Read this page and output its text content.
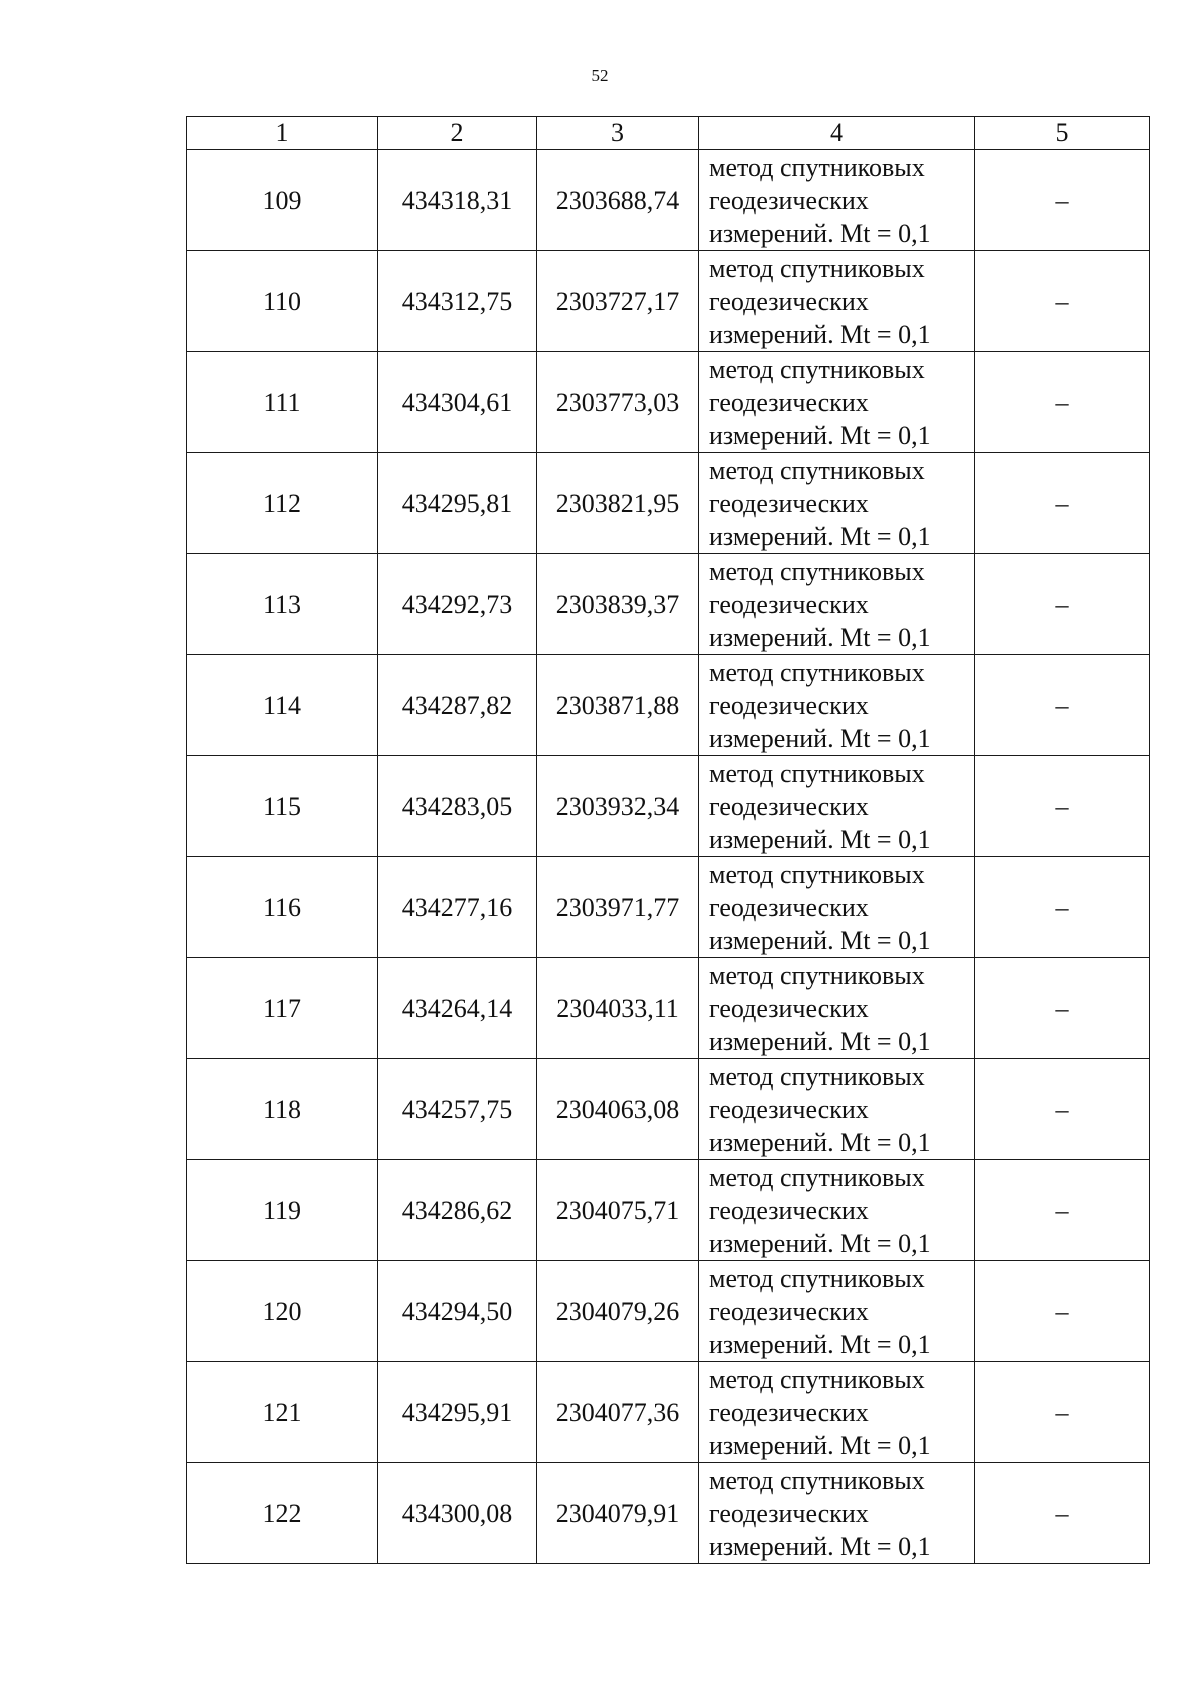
52
1	2	3	4	5
109	434318,31	2303688,74	метод спутниковых
геодезических
измерений. Mt = 0,1	–
110	434312,75	2303727,17	метод спутниковых
геодезических
измерений. Mt = 0,1	–
111	434304,61	2303773,03	метод спутниковых
геодезических
измерений. Mt = 0,1	–
112	434295,81	2303821,95	метод спутниковых
геодезических
измерений. Mt = 0,1	–
113	434292,73	2303839,37	метод спутниковых
геодезических
измерений. Mt = 0,1	–
114	434287,82	2303871,88	метод спутниковых
геодезических
измерений. Mt = 0,1	–
115	434283,05	2303932,34	метод спутниковых
геодезических
измерений. Mt = 0,1	–
116	434277,16	2303971,77	метод спутниковых
геодезических
измерений. Mt = 0,1	–
117	434264,14	2304033,11	метод спутниковых
геодезических
измерений. Mt = 0,1	–
118	434257,75	2304063,08	метод спутниковых
геодезических
измерений. Mt = 0,1	–
119	434286,62	2304075,71	метод спутниковых
геодезических
измерений. Mt = 0,1	–
120	434294,50	2304079,26	метод спутниковых
геодезических
измерений. Mt = 0,1	–
121	434295,91	2304077,36	метод спутниковых
геодезических
измерений. Mt = 0,1	–
122	434300,08	2304079,91	метод спутниковых
геодезических
измерений. Mt = 0,1	–
